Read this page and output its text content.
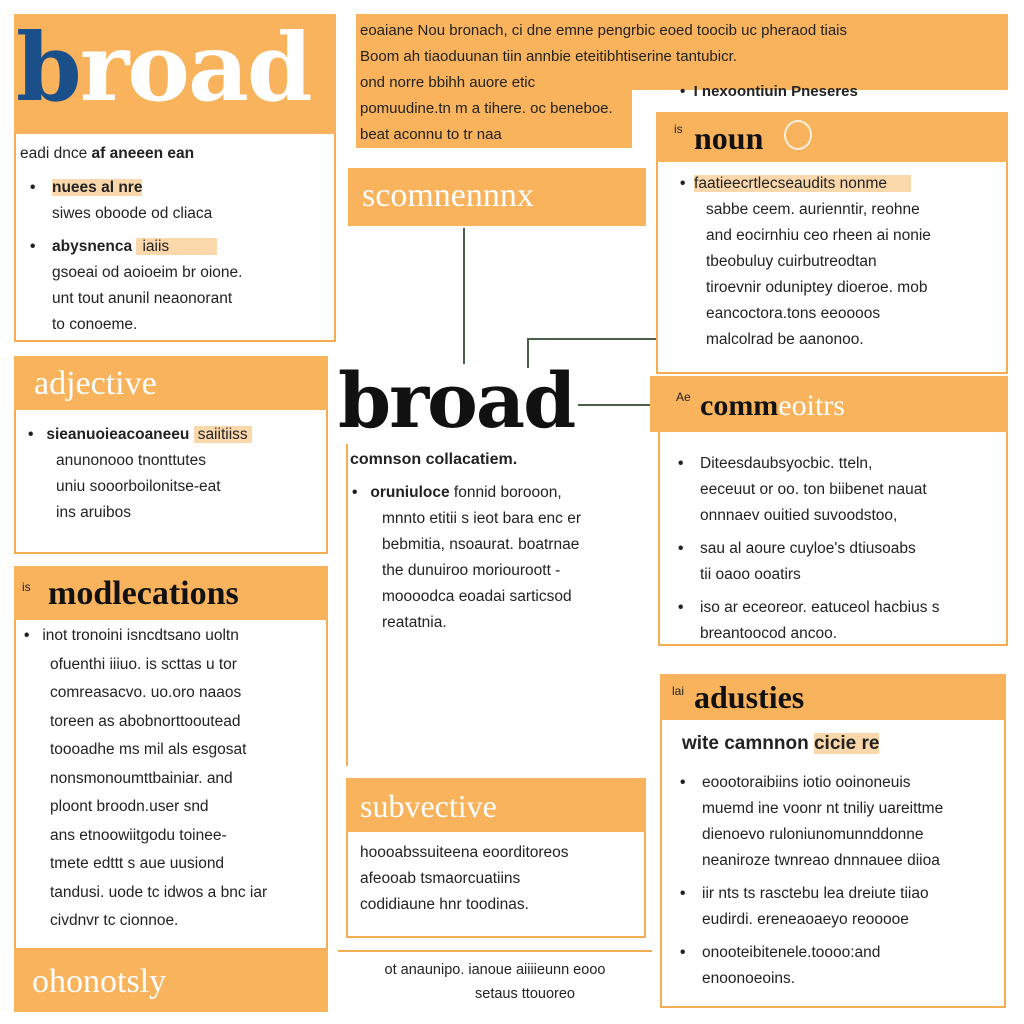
broad	eoaiane Nou bronach, ci dne emne pengrbic eoed toocib uc pheraod tiais
Boom ah tiaoduunan tiin annbie eteitibhtiserine tantubicr.
ond norre bbihh auore etic
pomuudine.tn m a tihere. oc beneboe.
beat aconnu to tr naa
•  I nexoontiuin Pneseres
eadi dnce af aneeen ean
• nuees al nre
siwes oboode od cliaca
• abysnenca iaiis
gsoeai od aoioeim br oione.
unt tout anunil neaonorant
to conoeme.
scomnennnx
broad
comnson collacatiem.
•   oruniuloce fonnid borooon,
mnnto etitii s ieot bara enc er
bebmitia, nsoaurat. boatrnae
the dunuiroo moriouroott -
moooodca eoadai sarticsod
reatatnia.
adjective
•   sieanuoieacoaneeu saiitiiss
anunonooo tnonttutes
uniu sooorboilonitse-eat
ins aruibos
is noun
•  faatieecrtlecseaudits nonme
sabbe ceem. aurienntir, reohne
and eocirnhiu ceo rheen ai nonie
tbeobuluy cuirbutreodtan
tiroevnir oduniptey dioeroe. mob
eancoctora.tons eeoooos
malcolrad be aanonoo.
Ae commeoitrs
• Diteesdaubsyocbic. tteln,
eeceuut or oo. ton biibenet nauat
onnnaev ouitied suvoodstoo,
• sau al aoure cuyloe's dtiusoabs
tii oaoo ooatirs
• iso ar eceoreor. eatuceol hacbius s
breantoocod ancoo.
is modlecations
•   inot tronoini isncdtsano uoltn
ofuenthi iiiuo. is scttas u tor
comreasacvo. uo.oro naaos
toreen as abobnorttooutead
toooadhe ms mil als esgosat
nonsmonoumttbainiar. and
ploont broodn.user snd
ans etnoowiitgodu toinee-
tmete edttt s aue uusiond
tandusi. uode tc idwos a bnc iar
civdnvr tc cionnoe.
subvective
hoooabssuiteena eoorditoreos
afeooab tsmaorcuatiins
codidiaune hnr toodinas.
lai adusties
wite camnnon cicie re
• eoootoraibiins iotio ooinoneuis
muemd ine voonr nt tniliy uareittme
dienoevo ruloniunomunnddonne
neaniroze twnreao dnnnauee diioa
• iir nts ts rasctebu lea dreiute tiiao
eudirdi. ereneaoaeyo reooooe
• onooteibitenele.toooo:and
enoonoeoins.
ohonotsly	ot anaunipo. ianoue aiiiieunn eooo
setaus ttouoreo
